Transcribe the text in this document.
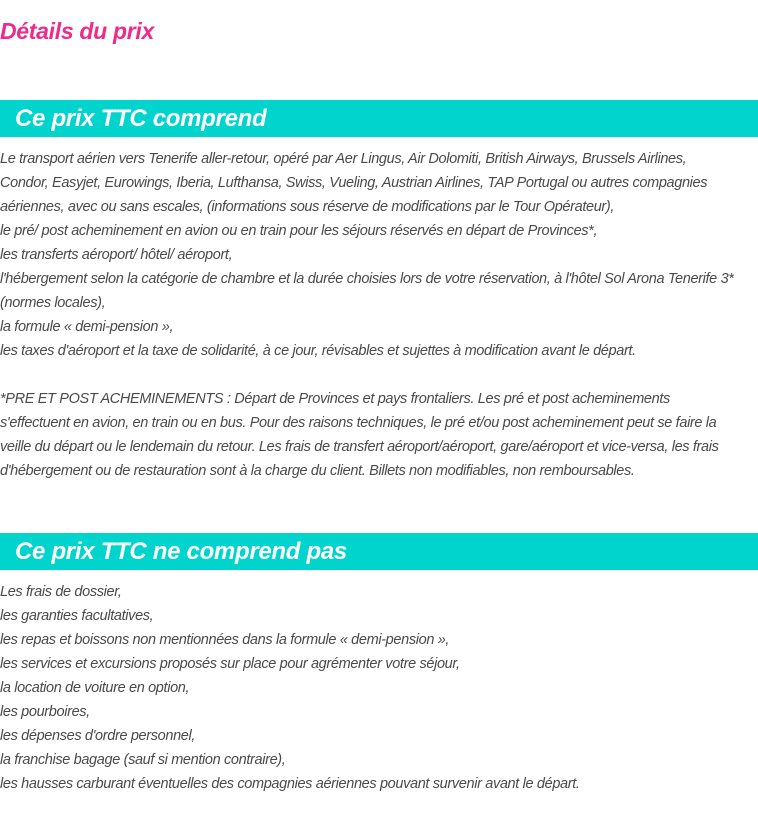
Détails du prix
Ce prix TTC comprend
Le transport aérien vers Tenerife aller-retour, opéré par Aer Lingus, Air Dolomiti, British Airways, Brussels Airlines,
Condor, Easyjet, Eurowings, Iberia, Lufthansa, Swiss, Vueling, Austrian Airlines, TAP Portugal ou autres compagnies
aériennes, avec ou sans escales, (informations sous réserve de modifications par le Tour Opérateur),
le pré/ post acheminement en avion ou en train pour les séjours réservés en départ de Provinces*,
les transferts aéroport/ hôtel/ aéroport,
l'hébergement selon la catégorie de chambre et la durée choisies lors de votre réservation, à l'hôtel Sol Arona Tenerife 3*
(normes locales),
la formule « demi-pension »,
les taxes d'aéroport et la taxe de solidarité, à ce jour, révisables et sujettes à modification avant le départ.
*PRE ET POST ACHEMINEMENTS : Départ de Provinces et pays frontaliers. Les pré et post acheminements
s'effectuent en avion, en train ou en bus. Pour des raisons techniques, le pré et/ou post acheminement peut se faire la
veille du départ ou le lendemain du retour. Les frais de transfert aéroport/aéroport, gare/aéroport et vice-versa, les frais
d'hébergement ou de restauration sont à la charge du client. Billets non modifiables, non remboursables.
Ce prix TTC ne comprend pas
Les frais de dossier,
les garanties facultatives,
les repas et boissons non mentionnées dans la formule « demi-pension »,
les services et excursions proposés sur place pour agrémenter votre séjour,
la location de voiture en option,
les pourboires,
les dépenses d'ordre personnel,
la franchise bagage (sauf si mention contraire),
les hausses carburant éventuelles des compagnies aériennes pouvant survenir avant le départ.
